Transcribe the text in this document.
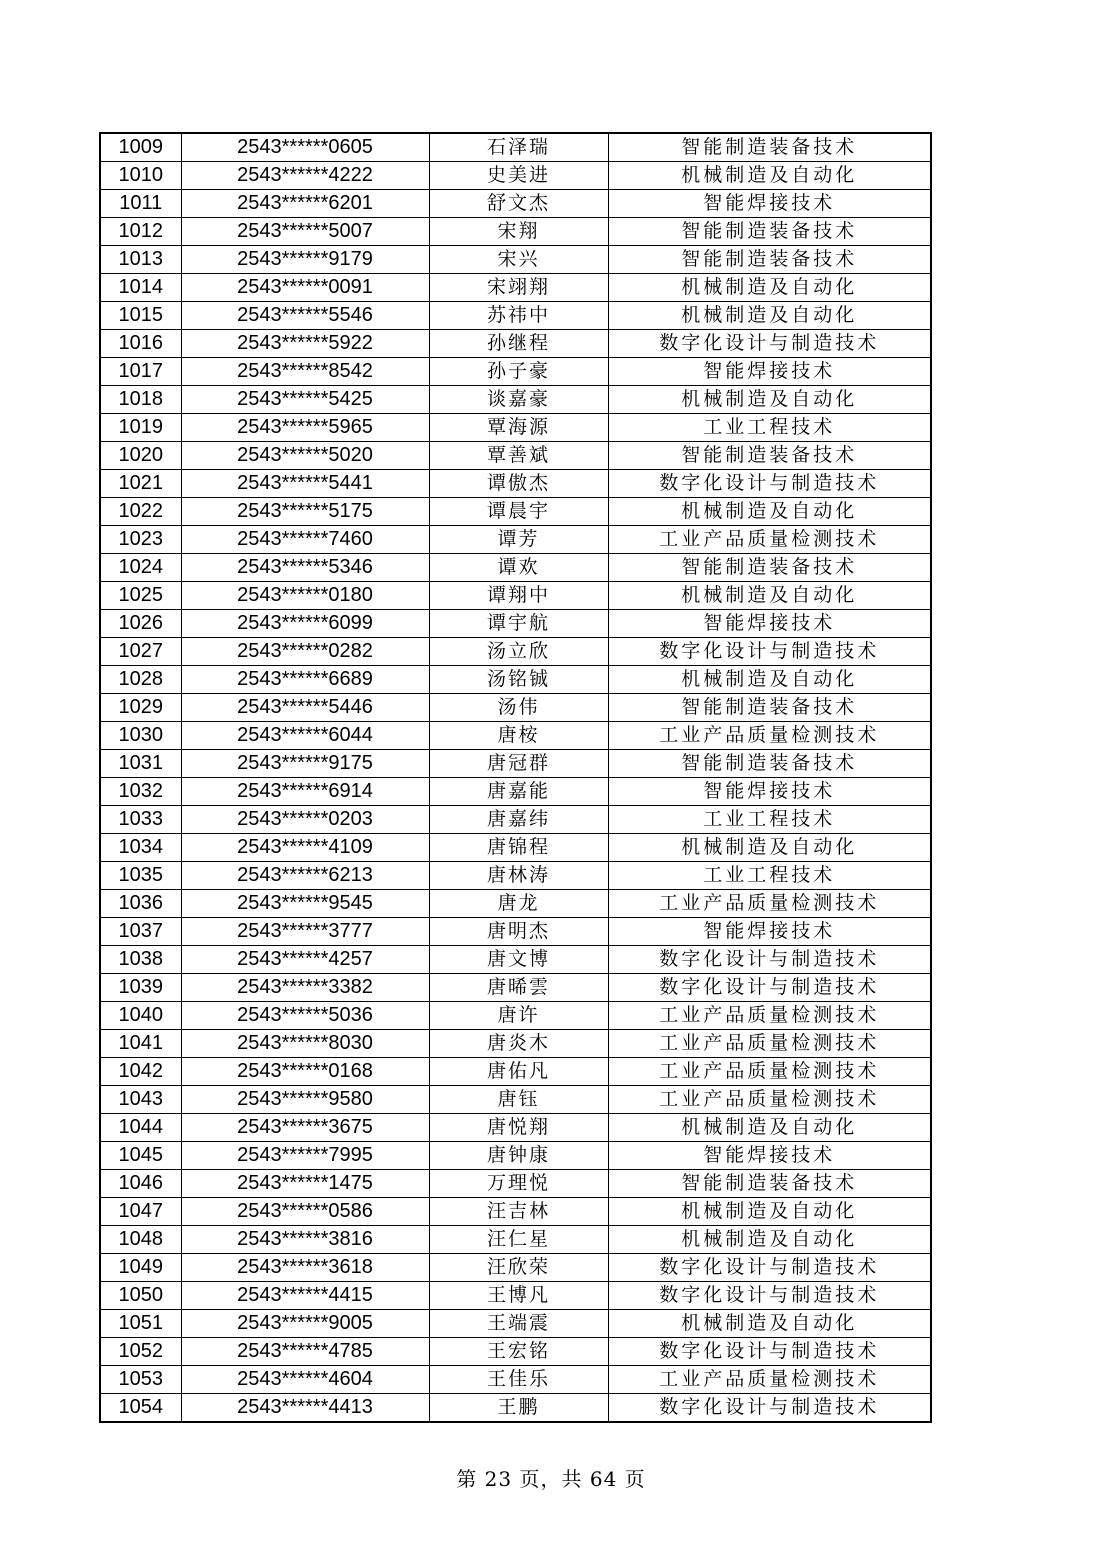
1009	2543******0605	石泽瑞	智能制造装备技术
1010	2543******4222	史美进	机械制造及自动化
1011	2543******6201	舒文杰	智能焊接技术
1012	2543******5007	宋翔	智能制造装备技术
1013	2543******9179	宋兴	智能制造装备技术
1014	2543******0091	宋翊翔	机械制造及自动化
1015	2543******5546	苏祎中	机械制造及自动化
1016	2543******5922	孙继程	数字化设计与制造技术
1017	2543******8542	孙子豪	智能焊接技术
1018	2543******5425	谈嘉豪	机械制造及自动化
1019	2543******5965	覃海源	工业工程技术
1020	2543******5020	覃善斌	智能制造装备技术
1021	2543******5441	谭傲杰	数字化设计与制造技术
1022	2543******5175	谭晨宇	机械制造及自动化
1023	2543******7460	谭芳	工业产品质量检测技术
1024	2543******5346	谭欢	智能制造装备技术
1025	2543******0180	谭翔中	机械制造及自动化
1026	2543******6099	谭宇航	智能焊接技术
1027	2543******0282	汤立欣	数字化设计与制造技术
1028	2543******6689	汤铭铖	机械制造及自动化
1029	2543******5446	汤伟	智能制造装备技术
1030	2543******6044	唐桉	工业产品质量检测技术
1031	2543******9175	唐冠群	智能制造装备技术
1032	2543******6914	唐嘉能	智能焊接技术
1033	2543******0203	唐嘉纬	工业工程技术
1034	2543******4109	唐锦程	机械制造及自动化
1035	2543******6213	唐林涛	工业工程技术
1036	2543******9545	唐龙	工业产品质量检测技术
1037	2543******3777	唐明杰	智能焊接技术
1038	2543******4257	唐文博	数字化设计与制造技术
1039	2543******3382	唐晞雲	数字化设计与制造技术
1040	2543******5036	唐许	工业产品质量检测技术
1041	2543******8030	唐炎木	工业产品质量检测技术
1042	2543******0168	唐佑凡	工业产品质量检测技术
1043	2543******9580	唐钰	工业产品质量检测技术
1044	2543******3675	唐悦翔	机械制造及自动化
1045	2543******7995	唐钟康	智能焊接技术
1046	2543******1475	万理悦	智能制造装备技术
1047	2543******0586	汪吉林	机械制造及自动化
1048	2543******3816	汪仁星	机械制造及自动化
1049	2543******3618	汪欣荣	数字化设计与制造技术
1050	2543******4415	王博凡	数字化设计与制造技术
1051	2543******9005	王端震	机械制造及自动化
1052	2543******4785	王宏铭	数字化设计与制造技术
1053	2543******4604	王佳乐	工业产品质量检测技术
1054	2543******4413	王鹏	数字化设计与制造技术
第 23 页，共 64 页
